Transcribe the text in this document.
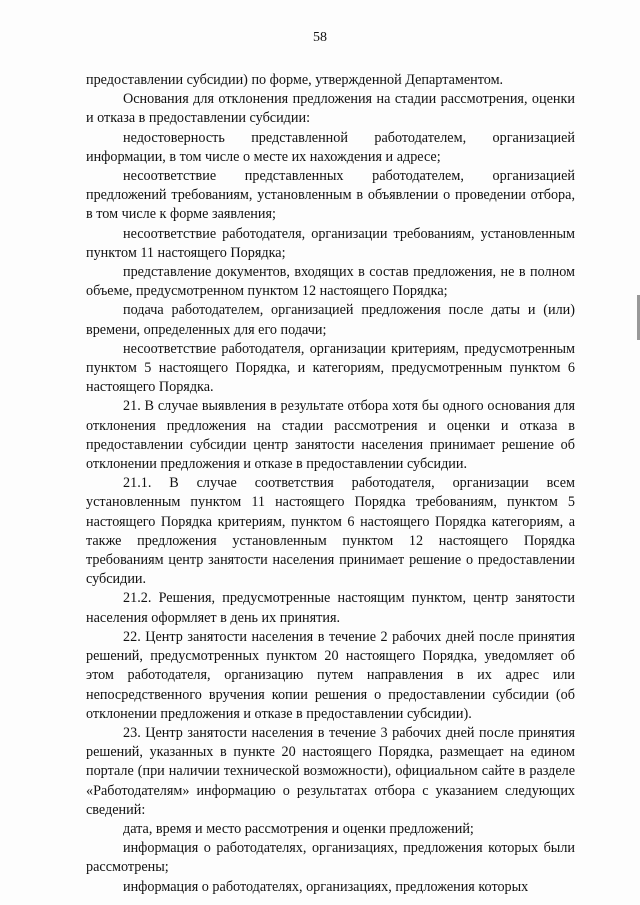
58

предоставлении субсидии) по форме, утвержденной Департаментом.

Основания для отклонения предложения на стадии рассмотрения, оценки и отказа в предоставлении субсидии:

недостоверность представленной работодателем, организацией информации, в том числе о месте их нахождения и адресе;

несоответствие представленных работодателем, организацией предложений требованиям, установленным в объявлении о проведении отбора, в том числе к форме заявления;

несоответствие работодателя, организации требованиям, установленным пунктом 11 настоящего Порядка;

представление документов, входящих в состав предложения, не в полном объеме, предусмотренном пунктом 12 настоящего Порядка;

подача работодателем, организацией предложения после даты и (или) времени, определенных для его подачи;

несоответствие работодателя, организации критериям, предусмотренным пунктом 5 настоящего Порядка, и категориям, предусмотренным пунктом 6 настоящего Порядка.

21. В случае выявления в результате отбора хотя бы одного основания для отклонения предложения на стадии рассмотрения и оценки и отказа в предоставлении субсидии центр занятости населения принимает решение об отклонении предложения и отказе в предоставлении субсидии.

21.1. В случае соответствия работодателя, организации всем установленным пунктом 11 настоящего Порядка требованиям, пунктом 5 настоящего Порядка критериям, пунктом 6 настоящего Порядка категориям, а также предложения установленным пунктом 12 настоящего Порядка требованиям центр занятости населения принимает решение о предоставлении субсидии.

21.2. Решения, предусмотренные настоящим пунктом, центр занятости населения оформляет в день их принятия.

22. Центр занятости населения в течение 2 рабочих дней после принятия решений, предусмотренных пунктом 20 настоящего Порядка, уведомляет об этом работодателя, организацию путем направления в их адрес или непосредственного вручения копии решения о предоставлении субсидии (об отклонении предложения и отказе в предоставлении субсидии).

23. Центр занятости населения в течение 3 рабочих дней после принятия решений, указанных в пункте 20 настоящего Порядка, размещает на едином портале (при наличии технической возможности), официальном сайте в разделе «Работодателям» информацию о результатах отбора с указанием следующих сведений:

дата, время и место рассмотрения и оценки предложений;

информация о работодателях, организациях, предложения которых были рассмотрены;

информация о работодателях, организациях, предложения которых
